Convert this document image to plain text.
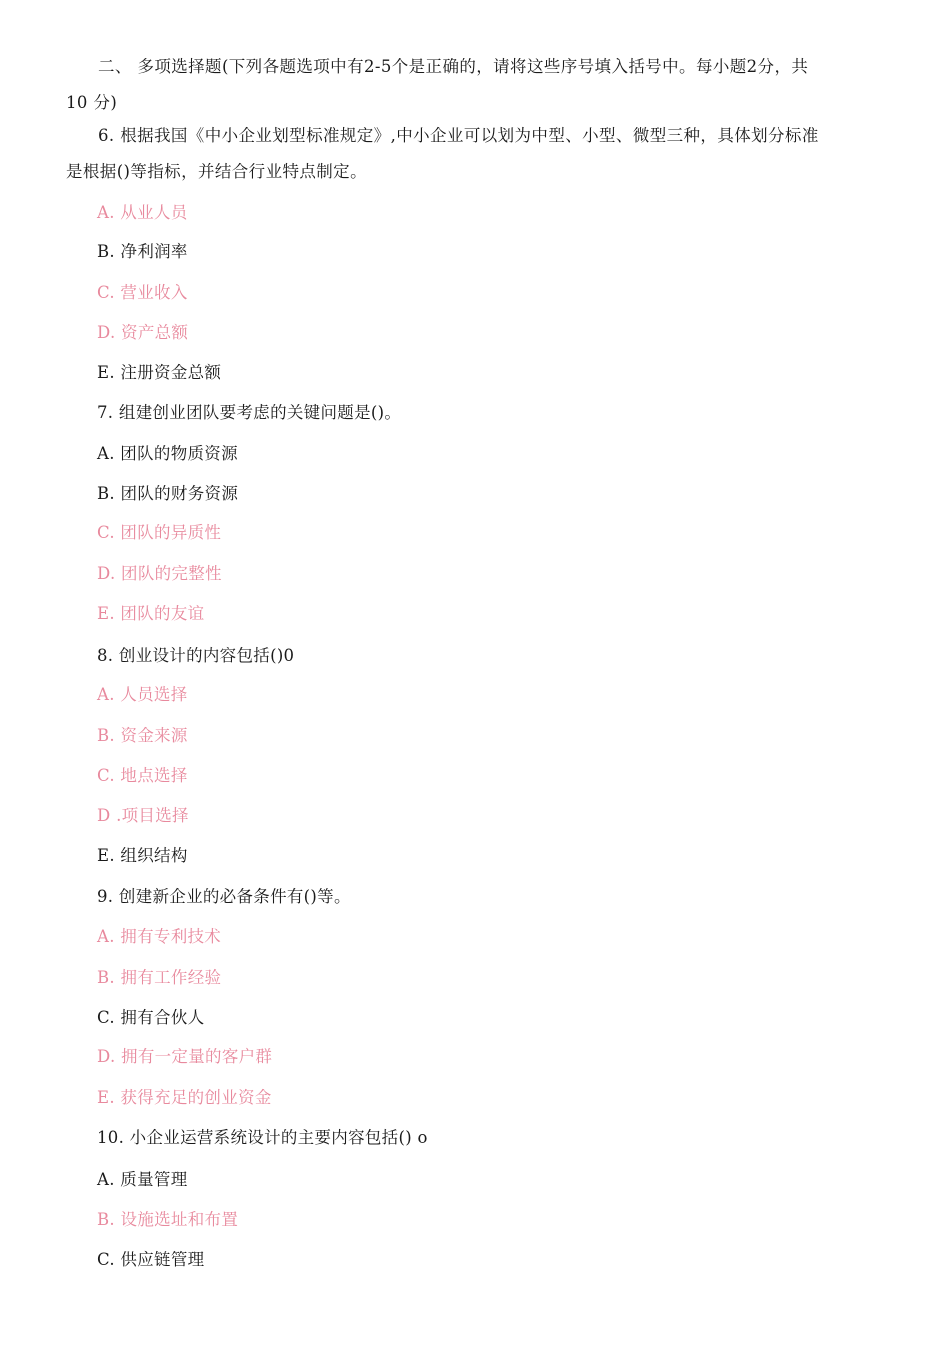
二、 多项选择题(下列各题选项中有2-5个是正确的，请将这些序号填入括号中。每小题2分，共
10 分)
6. 根据我国《中小企业划型标准规定》,中小企业可以划为中型、小型、微型三种，具体划分标准
是根据()等指标，并结合行业特点制定。
A. 从业人员
B. 净利润率
C. 营业收入
D. 资产总额
E. 注册资金总额
7. 组建创业团队要考虑的关键问题是()。
A. 团队的物质资源
B. 团队的财务资源
C. 团队的异质性
D. 团队的完整性
E. 团队的友谊
8. 创业设计的内容包括()0
A. 人员选择
B. 资金来源
C. 地点选择
D .项目选择
E. 组织结构
9. 创建新企业的必备条件有()等。
A. 拥有专利技术
B. 拥有工作经验
C. 拥有合伙人
D. 拥有一定量的客户群
E. 获得充足的创业资金
10. 小企业运营系统设计的主要内容包括() o
A. 质量管理
B. 设施选址和布置
C. 供应链管理
